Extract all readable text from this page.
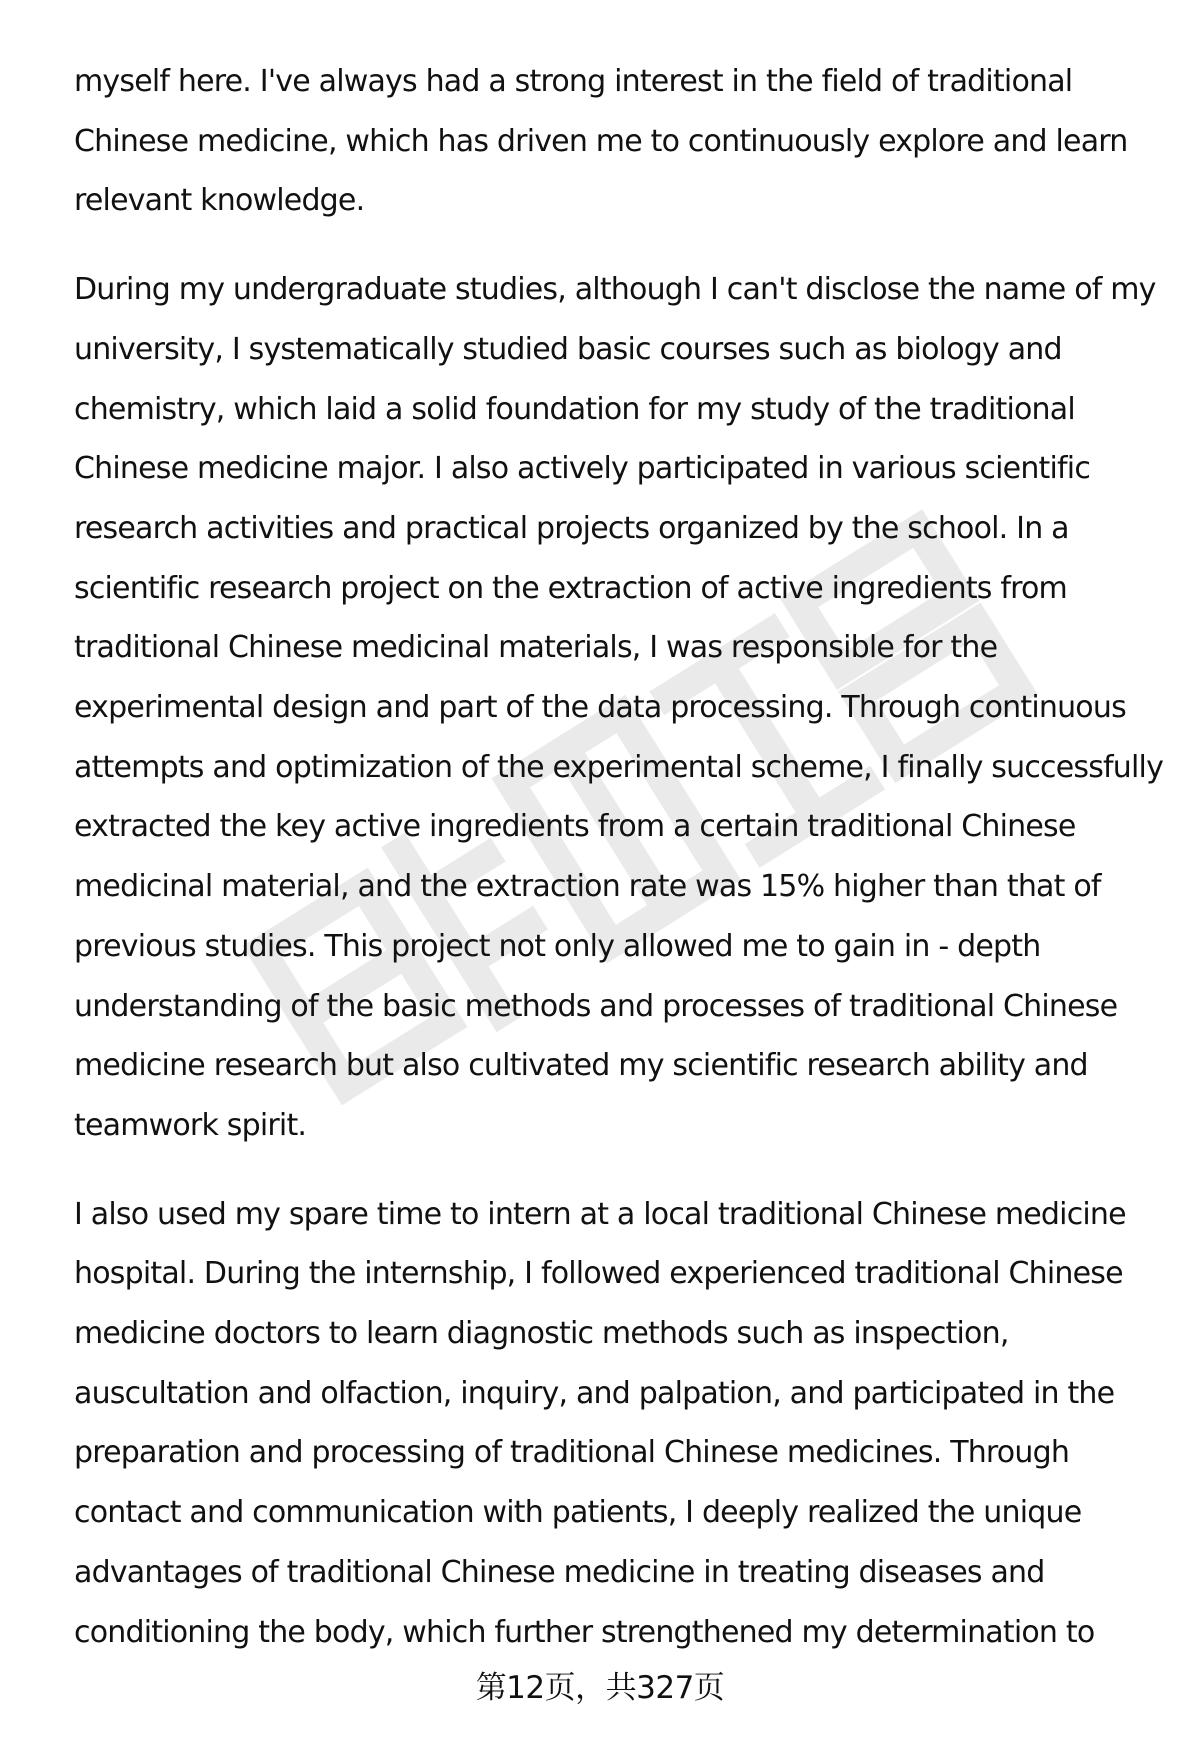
myself here. I've always had a strong interest in the field of traditional
Chinese medicine, which has driven me to continuously explore and learn
relevant knowledge.
During my undergraduate studies, although I can't disclose the name of my
university, I systematically studied basic courses such as biology and
chemistry, which laid a solid foundation for my study of the traditional
Chinese medicine major. I also actively participated in various scientific
research activities and practical projects organized by the school. In a
scientific research project on the extraction of active ingredients from
traditional Chinese medicinal materials, I was responsible for the
experimental design and part of the data processing. Through continuous
attempts and optimization of the experimental scheme, I finally successfully
extracted the key active ingredients from a certain traditional Chinese
medicinal material, and the extraction rate was 15% higher than that of
previous studies. This project not only allowed me to gain in - depth
understanding of the basic methods and processes of traditional Chinese
medicine research but also cultivated my scientific research ability and
teamwork spirit.
I also used my spare time to intern at a local traditional Chinese medicine
hospital. During the internship, I followed experienced traditional Chinese
medicine doctors to learn diagnostic methods such as inspection,
auscultation and olfaction, inquiry, and palpation, and participated in the
preparation and processing of traditional Chinese medicines. Through
contact and communication with patients, I deeply realized the unique
advantages of traditional Chinese medicine in treating diseases and
conditioning the body, which further strengthened my determination to
第12页，共327页
